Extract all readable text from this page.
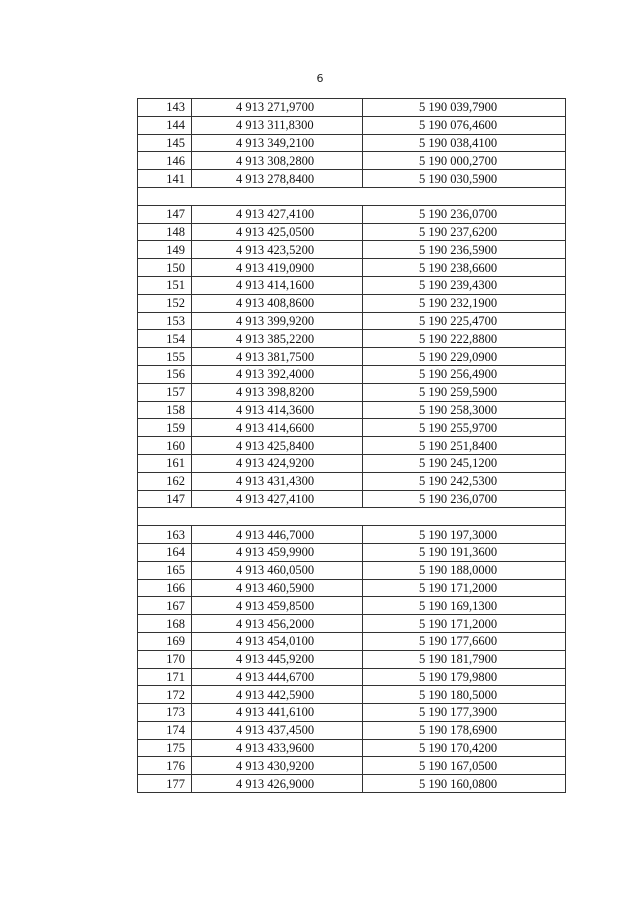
6
143	4 913 271,9700	5 190 039,7900
144	4 913 311,8300	5 190 076,4600
145	4 913 349,2100	5 190 038,4100
146	4 913 308,2800	5 190 000,2700
141	4 913 278,8400	5 190 030,5900

147	4 913 427,4100	5 190 236,0700
148	4 913 425,0500	5 190 237,6200
149	4 913 423,5200	5 190 236,5900
150	4 913 419,0900	5 190 238,6600
151	4 913 414,1600	5 190 239,4300
152	4 913 408,8600	5 190 232,1900
153	4 913 399,9200	5 190 225,4700
154	4 913 385,2200	5 190 222,8800
155	4 913 381,7500	5 190 229,0900
156	4 913 392,4000	5 190 256,4900
157	4 913 398,8200	5 190 259,5900
158	4 913 414,3600	5 190 258,3000
159	4 913 414,6600	5 190 255,9700
160	4 913 425,8400	5 190 251,8400
161	4 913 424,9200	5 190 245,1200
162	4 913 431,4300	5 190 242,5300
147	4 913 427,4100	5 190 236,0700

163	4 913 446,7000	5 190 197,3000
164	4 913 459,9900	5 190 191,3600
165	4 913 460,0500	5 190 188,0000
166	4 913 460,5900	5 190 171,2000
167	4 913 459,8500	5 190 169,1300
168	4 913 456,2000	5 190 171,2000
169	4 913 454,0100	5 190 177,6600
170	4 913 445,9200	5 190 181,7900
171	4 913 444,6700	5 190 179,9800
172	4 913 442,5900	5 190 180,5000
173	4 913 441,6100	5 190 177,3900
174	4 913 437,4500	5 190 178,6900
175	4 913 433,9600	5 190 170,4200
176	4 913 430,9200	5 190 167,0500
177	4 913 426,9000	5 190 160,0800
